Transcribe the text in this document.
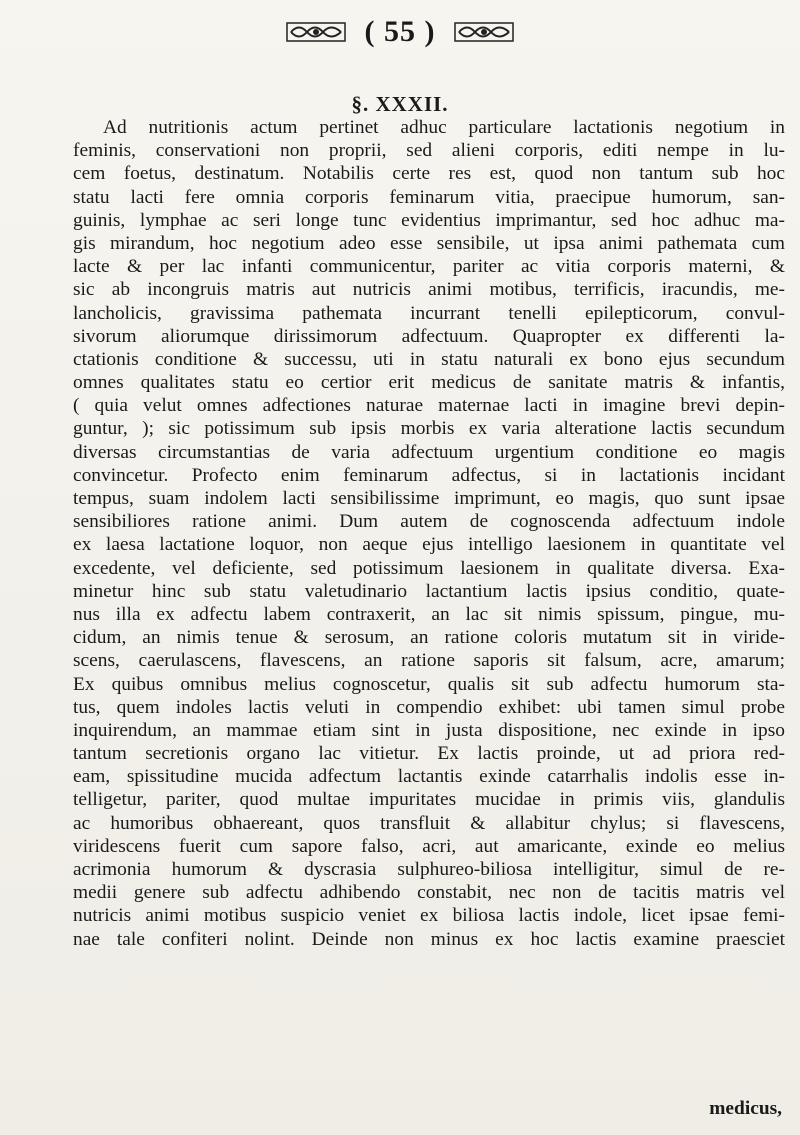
( 55 )
§. XXXII.
Ad nutritionis actum pertinet adhuc particulare lactationis negotium in
feminis, conservationi non proprii, sed alieni corporis, editi nempe in lu-
cem foetus, destinatum. Notabilis certe res est, quod non tantum sub hoc
statu lacti fere omnia corporis feminarum vitia, praecipue humorum, san-
guinis, lymphae ac seri longe tunc evidentius imprimantur, sed hoc adhuc ma-
gis mirandum, hoc negotium adeo esse sensibile, ut ipsa animi pathemata cum
lacte & per lac infanti communicentur, pariter ac vitia corporis materni, &
sic ab incongruis matris aut nutricis animi motibus, terrificis, iracundis, me-
lancholicis, gravissima pathemata incurrant tenelli epilepticorum, convul-
sivorum aliorumque dirissimorum adfectuum. Quapropter ex differenti la-
ctationis conditione & successu, uti in statu naturali ex bono ejus secundum
omnes qualitates statu eo certior erit medicus de sanitate matris & infantis,
( quia velut omnes adfectiones naturae maternae lacti in imagine brevi depin-
guntur, ); sic potissimum sub ipsis morbis ex varia alteratione lactis secundum
diversas circumstantias de varia adfectuum urgentium conditione eo magis
convincetur. Profecto enim feminarum adfectus, si in lactationis incidant
tempus, suam indolem lacti sensibilissime imprimunt, eo magis, quo sunt ipsae
sensibiliores ratione animi. Dum autem de cognoscenda adfectuum indole
ex laesa lactatione loquor, non aeque ejus intelligo laesionem in quantitate vel
excedente, vel deficiente, sed potissimum laesionem in qualitate diversa. Exa-
minetur hinc sub statu valetudinario lactantium lactis ipsius conditio, quate-
nus illa ex adfectu labem contraxerit, an lac sit nimis spissum, pingue, mu-
cidum, an nimis tenue & serosum, an ratione coloris mutatum sit in viride-
scens, caerulascens, flavescens, an ratione saporis sit falsum, acre, amarum;
Ex quibus omnibus melius cognoscetur, qualis sit sub adfectu humorum sta-
tus, quem indoles lactis veluti in compendio exhibet: ubi tamen simul probe
inquirendum, an mammae etiam sint in justa dispositione, nec exinde in ipso
tantum secretionis organo lac vitietur. Ex lactis proinde, ut ad priora red-
eam, spissitudine mucida adfectum lactantis exinde catarrhalis indolis esse in-
telligetur, pariter, quod multae impuritates mucidae in primis viis, glandulis
ac humoribus obhaereant, quos transfluit & allabitur chylus; si flavescens,
viridescens fuerit cum sapore falso, acri, aut amaricante, exinde eo melius
acrimonia humorum & dyscrasia sulphureo-biliosa intelligitur, simul de re-
medii genere sub adfectu adhibendo constabit, nec non de tacitis matris vel
nutricis animi motibus suspicio veniet ex biliosa lactis indole, licet ipsae femi-
nae tale confiteri nolint. Deinde non minus ex hoc lactis examine praesciet
medicus,
